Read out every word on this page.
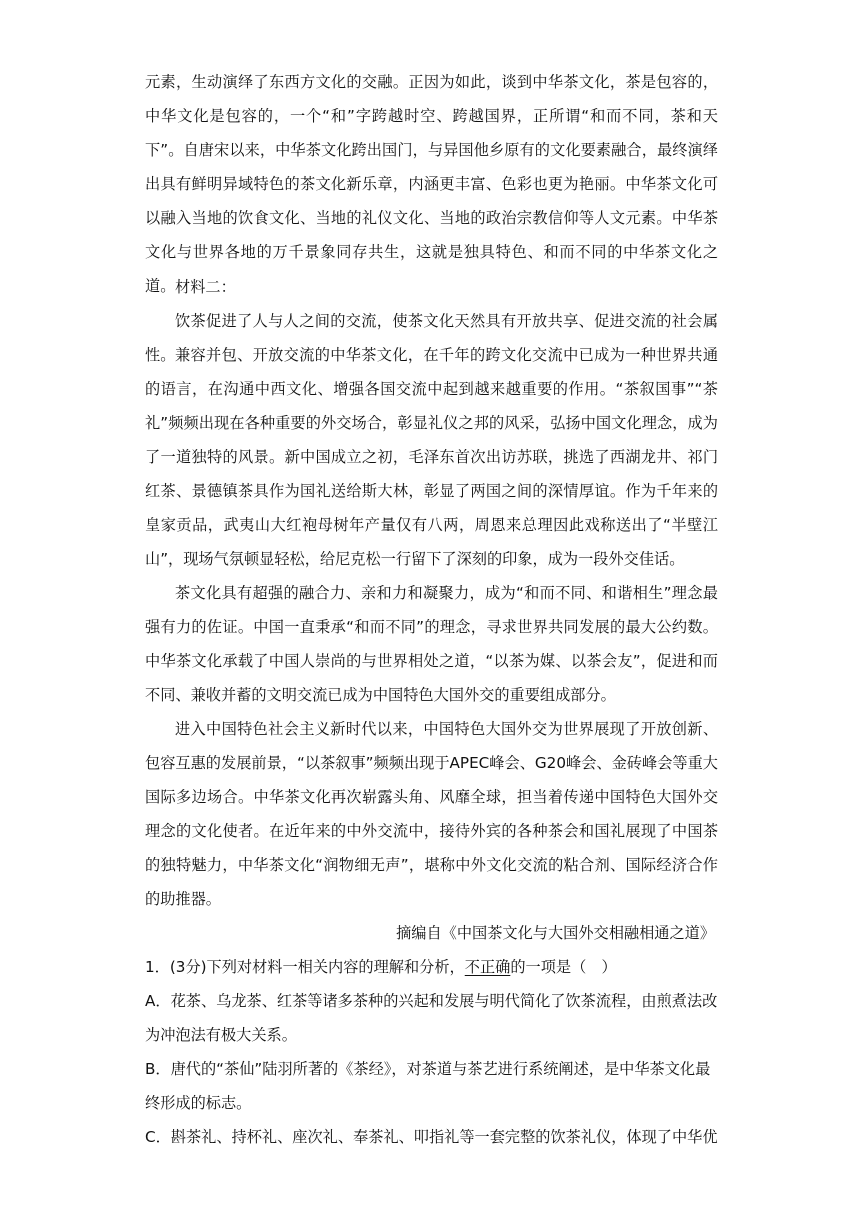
元素，生动演绎了东西方文化的交融。正因为如此，谈到中华茶文化，茶是包容的，中华文化是包容的，一个“和”字跨越时空、跨越国界，正所谓“和而不同，茶和天下”。自唐宋以来，中华茶文化跨出国门，与异国他乡原有的文化要素融合，最终演绎出具有鲜明异域特色的茶文化新乐章，内涵更丰富、色彩也更为艳丽。中华茶文化可以融入当地的饮食文化、当地的礼仪文化、当地的政治宗教信仰等人文元素。中华茶文化与世界各地的万千景象同存共生，这就是独具特色、和而不同的中华茶文化之道。 材料二：

饮茶促进了人与人之间的交流，使茶文化天然具有开放共享、促进交流的社会属性。 兼容并包、开放交流的中华茶文化，在千年的跨文化交流中已成为一种世界共通的语言，在沟通中西文化、增强各国交流中起到越来越重要的作用。“茶叙国事”“茶礼”频频出现在各种重要的外交场合，彰显礼仪之邦的风采，弘扬中国文化理念，成为了一道独特的风景。新中国成立之初，毛泽东首次出访苏联，挑选了西湖龙井、祁门红茶、景德镇茶具作为国礼送给斯大林，彰显了两国之间的深情厚谊。作为千年来的皇家贡品，武夷山大红袍母树年产量仅有八两，周恩来总理因此戏称送出了“半壁江山”，现场气氛顿显轻松，给尼克松一行留下了深刻的印象，成为一段外交佳话。

茶文化具有超强的融合力、亲和力和凝聚力，成为“和而不同、和谐相生”理念最强有力的佐证。中国一直秉承“和而不同”的理念，寻求世界共同发展的最大公约数。中华茶文化承载了中国人崇尚的与世界相处之道，“以茶为媒、以茶会友”，促进和而不同、兼收并蓄的文明交流已成为中国特色大国外交的重要组成部分。

进入中国特色社会主义新时代以来，中国特色大国外交为世界展现了开放创新、包容互惠的发展前景，“以茶叙事”频频出现于APEC峰会、G20峰会、金砖峰会等重大国际多边场合。中华茶文化再次崭露头角、风靡全球，担当着传递中国特色大国外交理念的文化使者。在近年来的中外交流中，接待外宾的各种茶会和国礼展现了中国茶的独特魅力，中华茶文化“润物细无声”，堪称中外文化交流的粘合剂、国际经济合作的助推器。

摘编自《中国茶文化与大国外交相融相通之道》

1．(3分)下列对材料一相关内容的理解和分析，不正确的一项是（　）

A．花茶、乌龙茶、红茶等诸多茶种的兴起和发展与明代简化了饮茶流程，由煎煮法改为冲泡法有极大关系。

B．唐代的“茶仙”陆羽所著的《茶经》，对茶道与茶艺进行系统阐述，是中华茶文化最终形成的标志。

C．斟茶礼、持杯礼、座次礼、奉茶礼、叩指礼等一套完整的饮茶礼仪，体现了中华优
